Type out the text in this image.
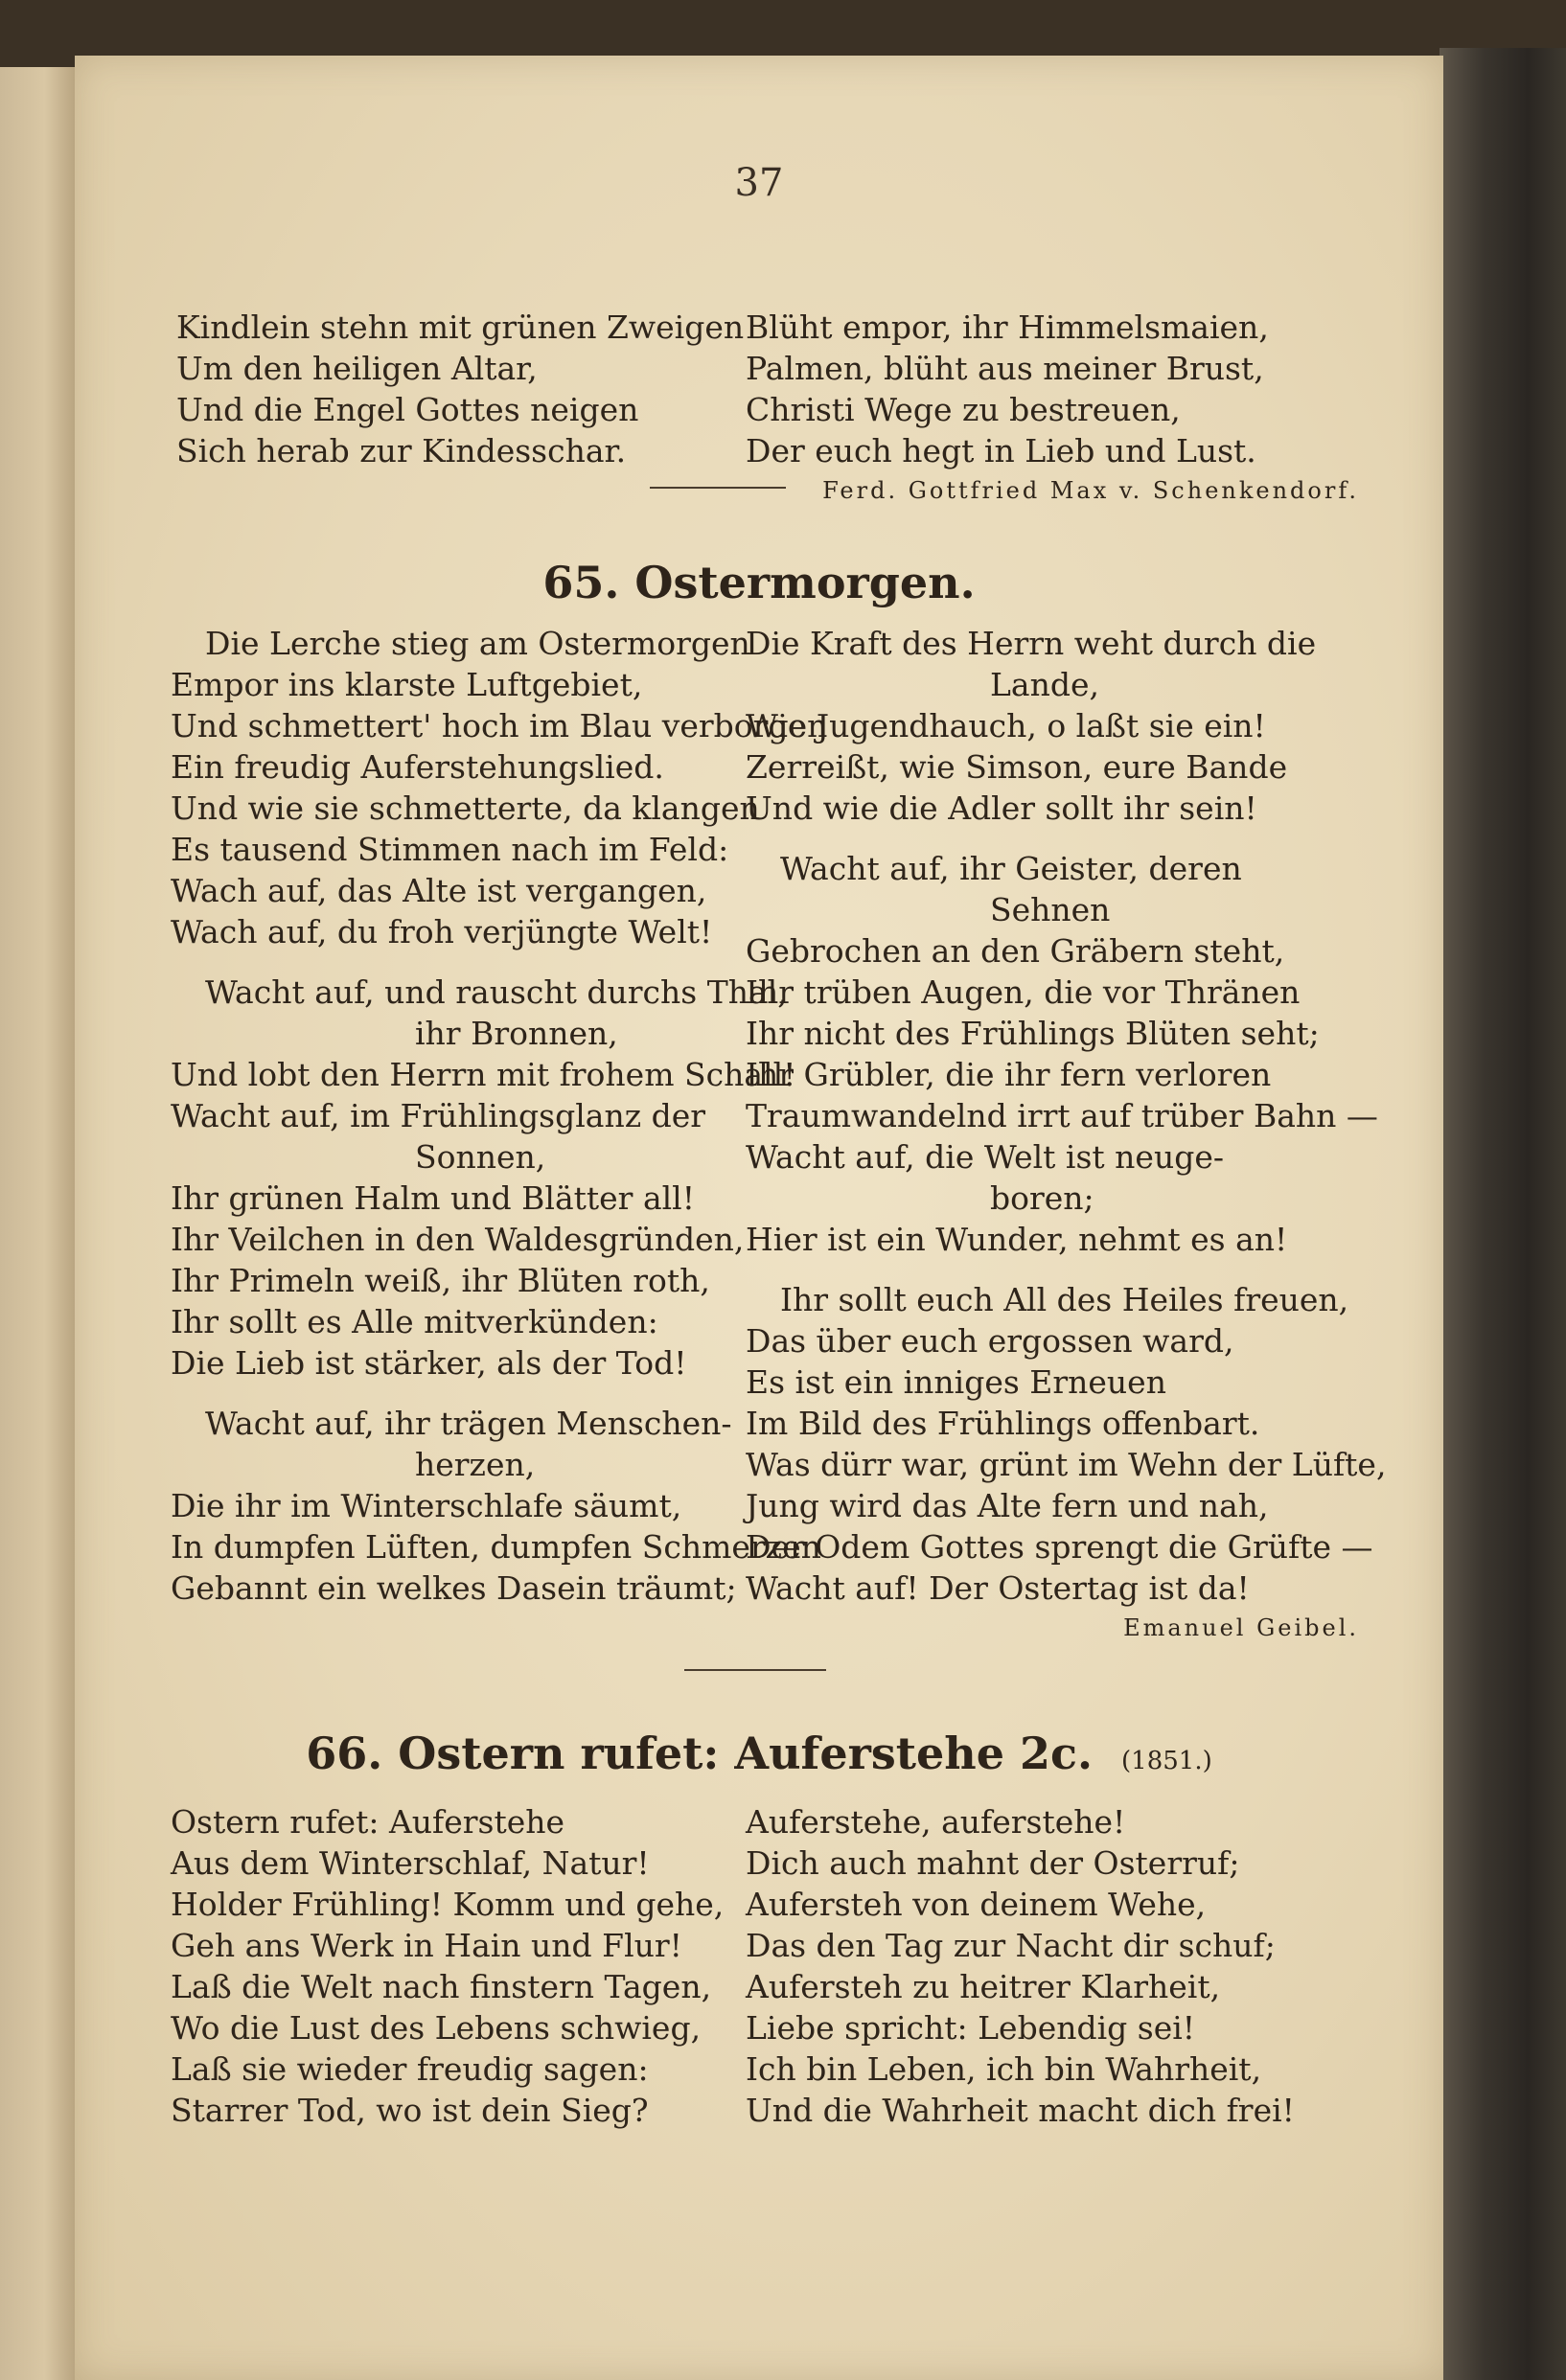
37
Kindlein stehn mit grünen Zweigen
Um den heiligen Altar,
Und die Engel Gottes neigen
Sich herab zur Kindesschar.
Blüht empor, ihr Himmelsmaien,
Palmen, blüht aus meiner Brust,
Christi Wege zu bestreuen,
Der euch hegt in Lieb und Lust.
Ferd. Gottfried Max v. Schenkendorf.
65. Ostermorgen.
Die Lerche stieg am Ostermorgen
Empor ins klarste Luftgebiet,
Und schmettert' hoch im Blau verborgen
Ein freudig Auferstehungslied.
Und wie sie schmetterte, da klangen
Es tausend Stimmen nach im Feld:
Wach auf, das Alte ist vergangen,
Wach auf, du froh verjüngte Welt!
Wacht auf, und rauscht durchs Thal,
ihr Bronnen,
Und lobt den Herrn mit frohem Schall!
Wacht auf, im Frühlingsglanz der
Sonnen,
Ihr grünen Halm und Blätter all!
Ihr Veilchen in den Waldesgründen,
Ihr Primeln weiß, ihr Blüten roth,
Ihr sollt es Alle mitverkünden:
Die Lieb ist stärker, als der Tod!
Wacht auf, ihr trägen Menschen-
herzen,
Die ihr im Winterschlafe säumt,
In dumpfen Lüften, dumpfen Schmerzen
Gebannt ein welkes Dasein träumt;
Die Kraft des Herrn weht durch die
Lande,
Wie Jugendhauch, o laßt sie ein!
Zerreißt, wie Simson, eure Bande
Und wie die Adler sollt ihr sein!
Wacht auf, ihr Geister, deren
Sehnen
Gebrochen an den Gräbern steht,
Ihr trüben Augen, die vor Thränen
Ihr nicht des Frühlings Blüten seht;
Ihr Grübler, die ihr fern verloren
Traumwandelnd irrt auf trüber Bahn —
Wacht auf, die Welt ist neuge-
boren;
Hier ist ein Wunder, nehmt es an!
Ihr sollt euch All des Heiles freuen,
Das über euch ergossen ward,
Es ist ein inniges Erneuen
Im Bild des Frühlings offenbart.
Was dürr war, grünt im Wehn der Lüfte,
Jung wird das Alte fern und nah,
Der Odem Gottes sprengt die Grüfte —
Wacht auf! Der Ostertag ist da!
Emanuel Geibel.
66. Ostern rufet: Auferstehe 2c. (1851.)
Ostern rufet: Auferstehe
Aus dem Winterschlaf, Natur!
Holder Frühling! Komm und gehe,
Geh ans Werk in Hain und Flur!
Laß die Welt nach finstern Tagen,
Wo die Lust des Lebens schwieg,
Laß sie wieder freudig sagen:
Starrer Tod, wo ist dein Sieg?
Auferstehe, auferstehe!
Dich auch mahnt der Osterruf;
Aufersteh von deinem Wehe,
Das den Tag zur Nacht dir schuf;
Aufersteh zu heitrer Klarheit,
Liebe spricht: Lebendig sei!
Ich bin Leben, ich bin Wahrheit,
Und die Wahrheit macht dich frei!
